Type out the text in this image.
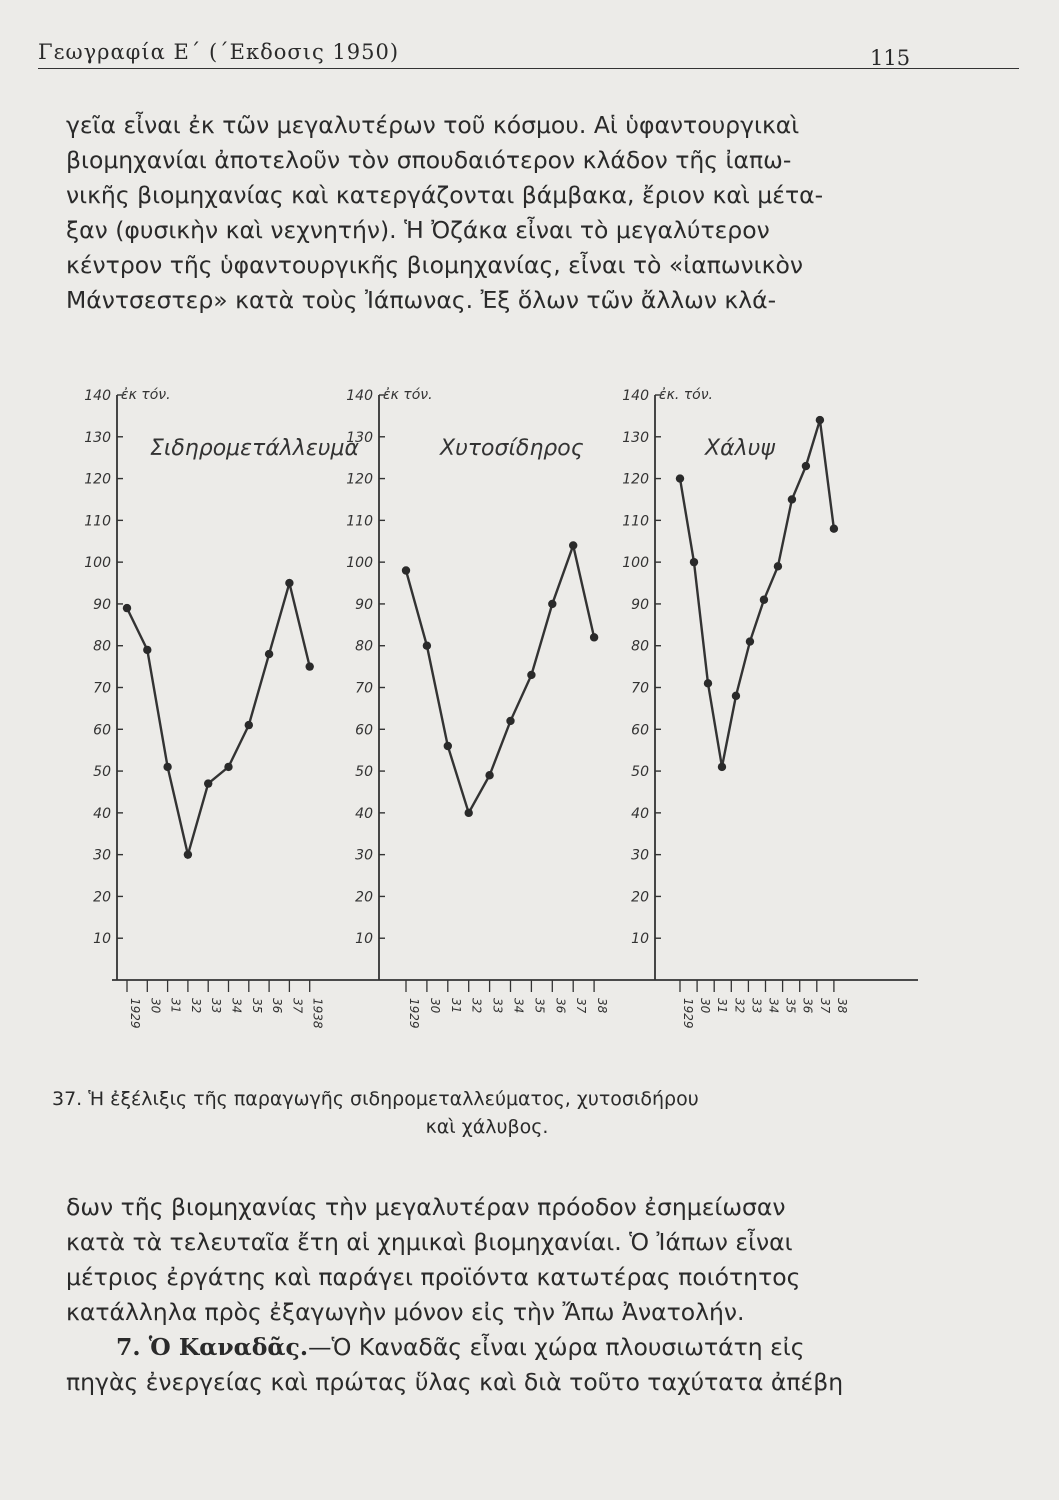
Γεωγραφία Ε΄ (΄Εκδοσις 1950)	115
γεῖα εἶναι ἐκ τῶν μεγαλυτέρων τοῦ κόσμου. Αἱ ὑφαντουργικαὶ
βιομηχανίαι ἀποτελοῦν τὸν σπουδαιότερον κλάδον τῆς ἰαπω-
νικῆς βιομηχανίας καὶ κατεργάζονται βάμβακα, ἔριον καὶ μέτα-
ξαν (φυσικὴν καὶ νεχνητήν). Ἡ Ὀζάκα εἶναι τὸ μεγαλύτερον
κέντρον τῆς ὑφαντουργικῆς βιομηχανίας, εἶναι τὸ «ἰαπωνικὸν
Μάντσεστερ» κατὰ τοὺς Ἰάπωνας. Ἐξ ὅλων τῶν ἄλλων κλά-
10
20
30
40
50
60
70
80
90
100
110
120
130
140 ἐκ τόν.
Σιδηρομετάλλευμα
1929 30 31 32 33 34 35 36 37 1938
10
20
30
40
50
60
70
80
90
100
110
120
130
140 ἐκ τόν.
Χυτοσίδηρος
1929 30 31 32 33 34 35 36 37 38
10
20
30
40
50
60
70
80
90
100
110
120
130
140 ἐκ. τόν.
Χάλυψ
1929 30 31 32 33 34 35 36 37 38
37. Ἡ ἐξέλιξις τῆς παραγωγῆς σιδηρομεταλλεύματος, χυτοσιδήρου
καὶ χάλυβος.
δων τῆς βιομηχανίας τὴν μεγαλυτέραν πρόοδον ἐσημείωσαν
κατὰ τὰ τελευταῖα ἔτη αἱ χημικαὶ βιομηχανίαι. Ὁ Ἰάπων εἶναι
μέτριος ἐργάτης καὶ παράγει προϊόντα κατωτέρας ποιότητος
κατάλληλα πρὸς ἐξαγωγὴν μόνον εἰς τὴν Ἄπω Ἀνατολήν.
7. Ὁ Καναδᾶς.—Ὁ Καναδᾶς εἶναι χώρα πλουσιωτάτη εἰς
πηγὰς ἐνεργείας καὶ πρώτας ὕλας καὶ διὰ τοῦτο ταχύτατα ἀπέβη
